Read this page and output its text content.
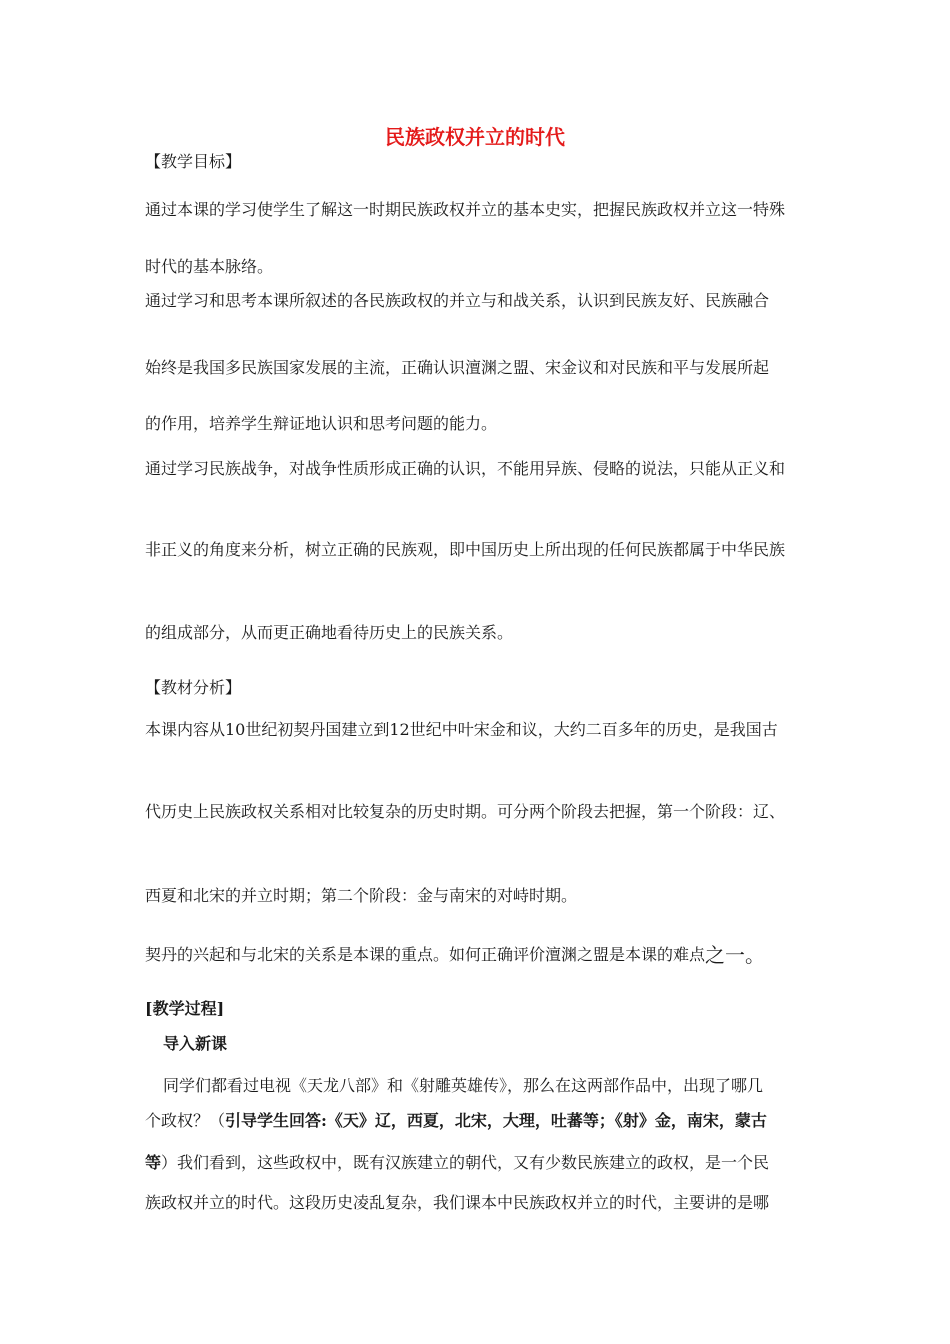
民族政权并立的时代
【教学目标】
通过本课的学习使学生了解这一时期民族政权并立的基本史实，把握民族政权并立这一特殊
时代的基本脉络。
通过学习和思考本课所叙述的各民族政权的并立与和战关系，认识到民族友好、民族融合
始终是我国多民族国家发展的主流，正确认识澶渊之盟、宋金议和对民族和平与发展所起
的作用，培养学生辩证地认识和思考问题的能力。
通过学习民族战争，对战争性质形成正确的认识，不能用异族、侵略的说法，只能从正义和
非正义的角度来分析，树立正确的民族观，即中国历史上所出现的任何民族都属于中华民族
的组成部分，从而更正确地看待历史上的民族关系。
【教材分析】
本课内容从10世纪初契丹国建立到12世纪中叶宋金和议，大约二百多年的历史，是我国古
代历史上民族政权关系相对比较复杂的历史时期。可分两个阶段去把握，第一个阶段：辽、
西夏和北宋的并立时期；第二个阶段：金与南宋的对峙时期。
契丹的兴起和与北宋的关系是本课的重点。如何正确评价澶渊之盟是本课的难点之一。
[教学过程]
导入新课
同学们都看过电视《天龙八部》和《射雕英雄传》，那么在这两部作品中，出现了哪几
个政权？（引导学生回答:《天》辽，西夏，北宋，大理，吐蕃等；《射》金，南宋，蒙古
等）我们看到，这些政权中，既有汉族建立的朝代，又有少数民族建立的政权，是一个民
族政权并立的时代。这段历史凌乱复杂，我们课本中民族政权并立的时代，主要讲的是哪
